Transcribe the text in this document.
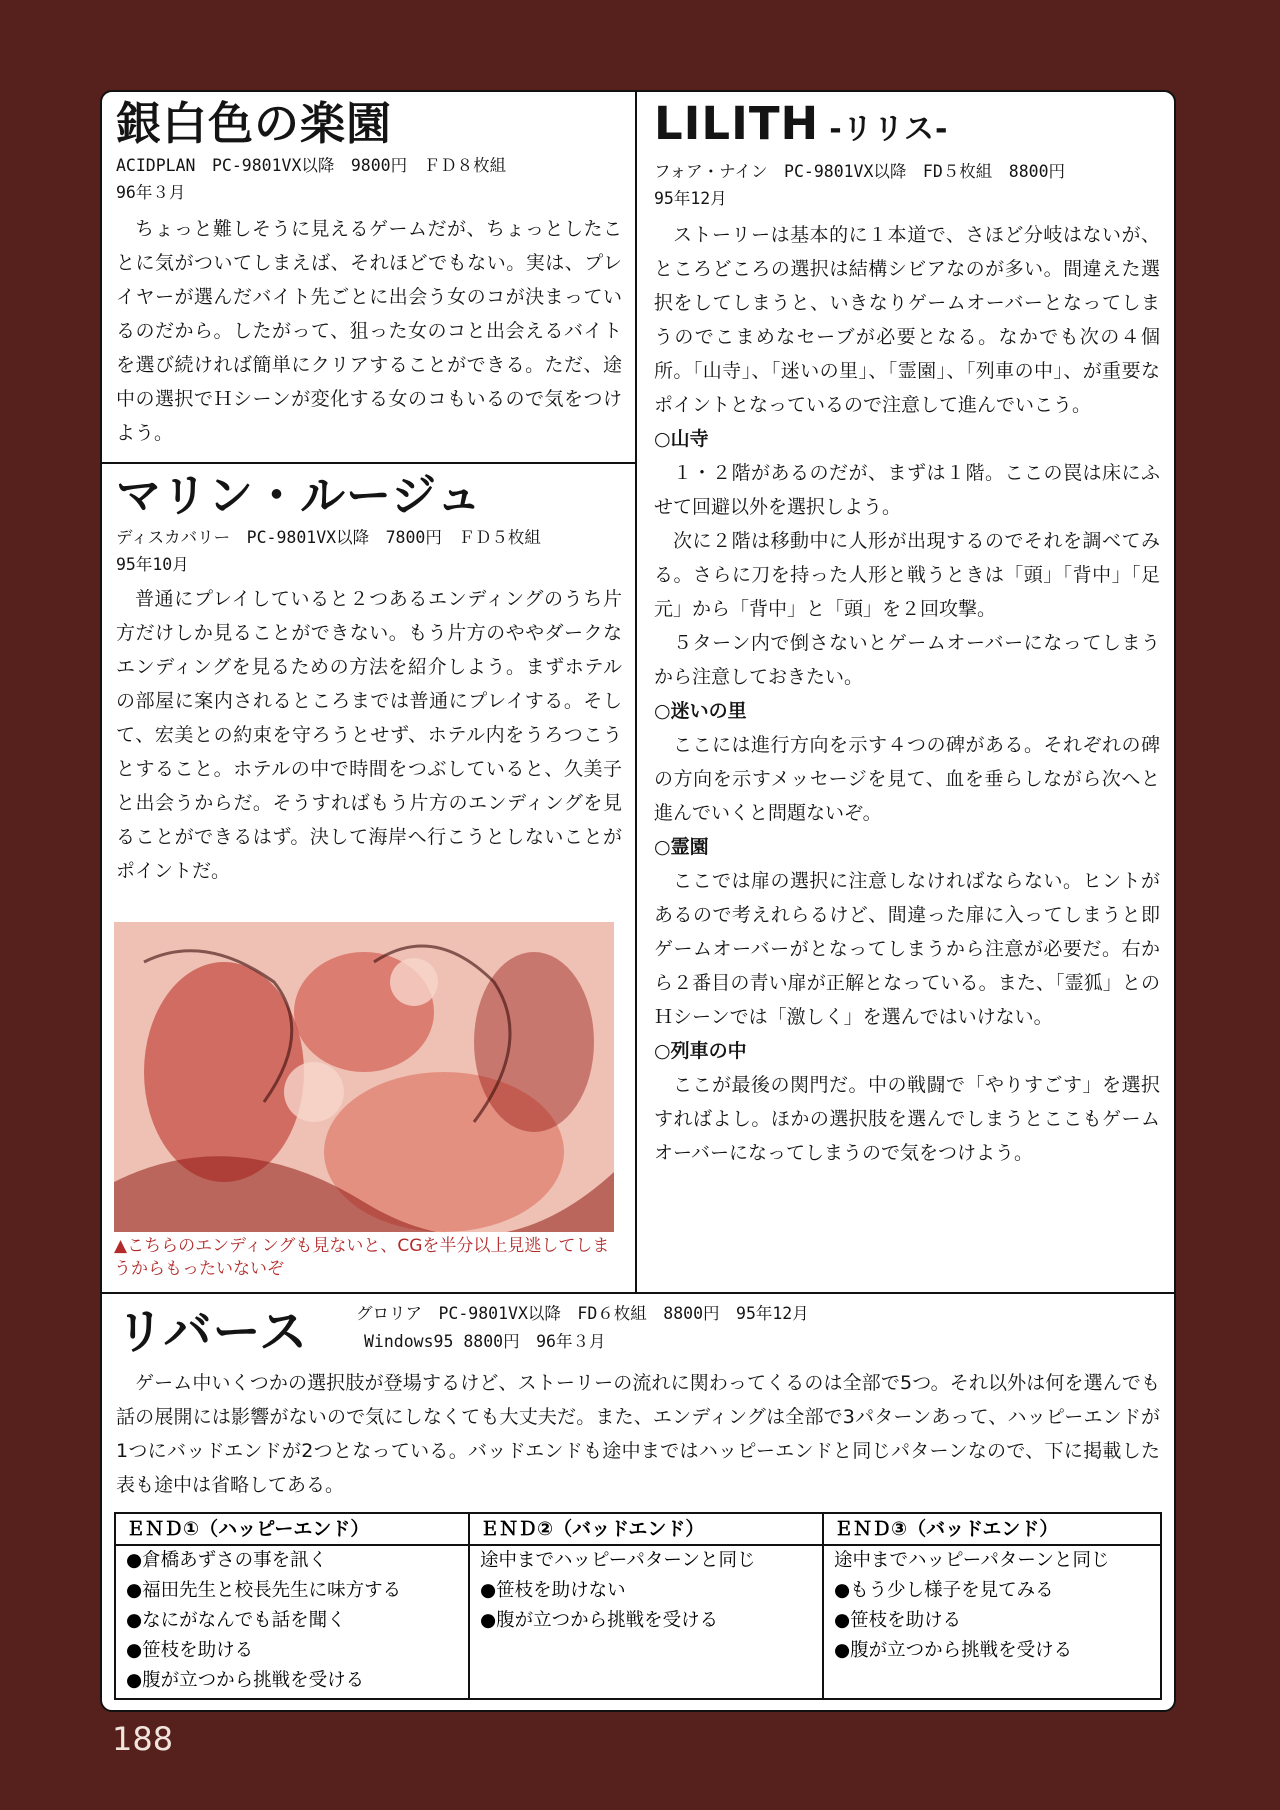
銀白色の楽園
ACIDPLAN　PC-9801VX以降　9800円　ＦＤ８枚組
96年３月

ちょっと難しそうに見えるゲームだが、ちょっとしたことに気がついてしまえば、それほどでもない。実は、プレイヤーが選んだバイト先ごとに出会う女のコが決まっているのだから。したがって、狙った女のコと出会えるバイトを選び続ければ簡単にクリアすることができる。ただ、途中の選択でＨシーンが変化する女のコもいるので気をつけよう。

マリン・ルージュ
ディスカバリー　PC-9801VX以降　7800円　ＦＤ５枚組
95年10月

普通にプレイしていると２つあるエンディングのうち片方だけしか見ることができない。もう片方のややダークなエンディングを見るための方法を紹介しよう。まずホテルの部屋に案内されるところまでは普通にプレイする。そして、宏美との約束を守ろうとせず、ホテル内をうろつこうとすること。ホテルの中で時間をつぶしていると、久美子と出会うからだ。そうすればもう片方のエンディングを見ることができるはず。決して海岸へ行こうとしないことがポイントだ。

▲こちらのエンディングも見ないと、CGを半分以上見逃してしまうからもったいないぞ
LILITH -リリス-
フォア・ナイン　PC-9801VX以降　FD５枚組　8800円
95年12月

ストーリーは基本的に１本道で、さほど分岐はないが、ところどころの選択は結構シビアなのが多い。間違えた選択をしてしまうと、いきなりゲームオーバーとなってしまうのでこまめなセーブが必要となる。なかでも次の４個所。「山寺」、「迷いの里」、「霊園」、「列車の中」、が重要なポイントとなっているので注意して進んでいこう。

○山寺

１・２階があるのだが、まずは１階。ここの罠は床にふせて回避以外を選択しよう。

次に２階は移動中に人形が出現するのでそれを調べてみる。さらに刀を持った人形と戦うときは「頭」「背中」「足元」から「背中」と「頭」を２回攻撃。

５ターン内で倒さないとゲームオーバーになってしまうから注意しておきたい。

○迷いの里

ここには進行方向を示す４つの碑がある。それぞれの碑の方向を示すメッセージを見て、血を垂らしながら次へと進んでいくと問題ないぞ。

○霊園

ここでは扉の選択に注意しなければならない。ヒントがあるので考えれらるけど、間違った扉に入ってしまうと即ゲームオーバーがとなってしまうから注意が必要だ。右から２番目の青い扉が正解となっている。また、「霊狐」とのＨシーンでは「激しく」を選んではいけない。

○列車の中

ここが最後の関門だ。中の戦闘で「やりすごす」を選択すればよし。ほかの選択肢を選んでしまうとここもゲームオーバーになってしまうので気をつけよう。

リバース	グロリア　PC-9801VX以降　FD６枚組　8800円　95年12月
Windows95 8800円　96年３月

ゲーム中いくつかの選択肢が登場するけど、ストーリーの流れに関わってくるのは全部で5つ。それ以外は何を選んでも話の展開には影響がないので気にしなくても大丈夫だ。また、エンディングは全部で3パターンあって、ハッピーエンドが1つにバッドエンドが2つとなっている。バッドエンドも途中まではハッピーエンドと同じパターンなので、下に掲載した表も途中は省略してある。

ＥＮＤ①（ハッピーエンド）
●倉橋あずさの事を訊く
●福田先生と校長先生に味方する
●なにがなんでも話を聞く
●笹枝を助ける
●腹が立つから挑戦を受ける
ＥＮＤ②（バッドエンド）
途中までハッピーパターンと同じ
●笹枝を助けない
●腹が立つから挑戦を受ける
ＥＮＤ③（バッドエンド）
途中までハッピーパターンと同じ
●もう少し様子を見てみる
●笹枝を助ける
●腹が立つから挑戦を受ける
188
